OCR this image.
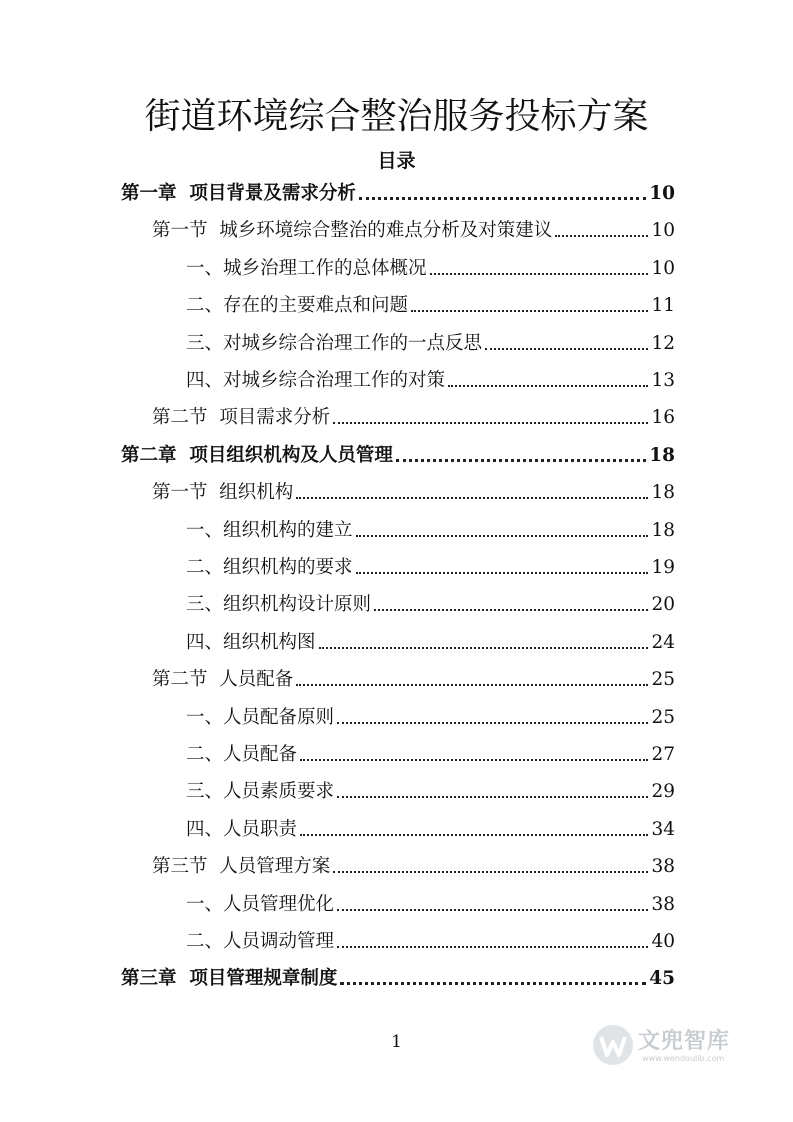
街道环境综合整治服务投标方案
目录
第一章 项目背景及需求分析	10
第一节 城乡环境综合整治的难点分析及对策建议	10
一、 城乡治理工作的总体概况	10
二、 存在的主要难点和问题	11
三、 对城乡综合治理工作的一点反思	12
四、 对城乡综合治理工作的对策	13
第二节 项目需求分析	16
第二章 项目组织机构及人员管理	18
第一节 组织机构	18
一、 组织机构的建立	18
二、 组织机构的要求	19
三、 组织机构设计原则	20
四、 组织机构图	24
第二节 人员配备	25
一、 人员配备原则	25
二、 人员配备	27
三、 人员素质要求	29
四、 人员职责	34
第三节 人员管理方案	38
一、 人员管理优化	38
二、 人员调动管理	40
第三章 项目管理规章制度	45
1	文兜智库
www.wendoulib.com
